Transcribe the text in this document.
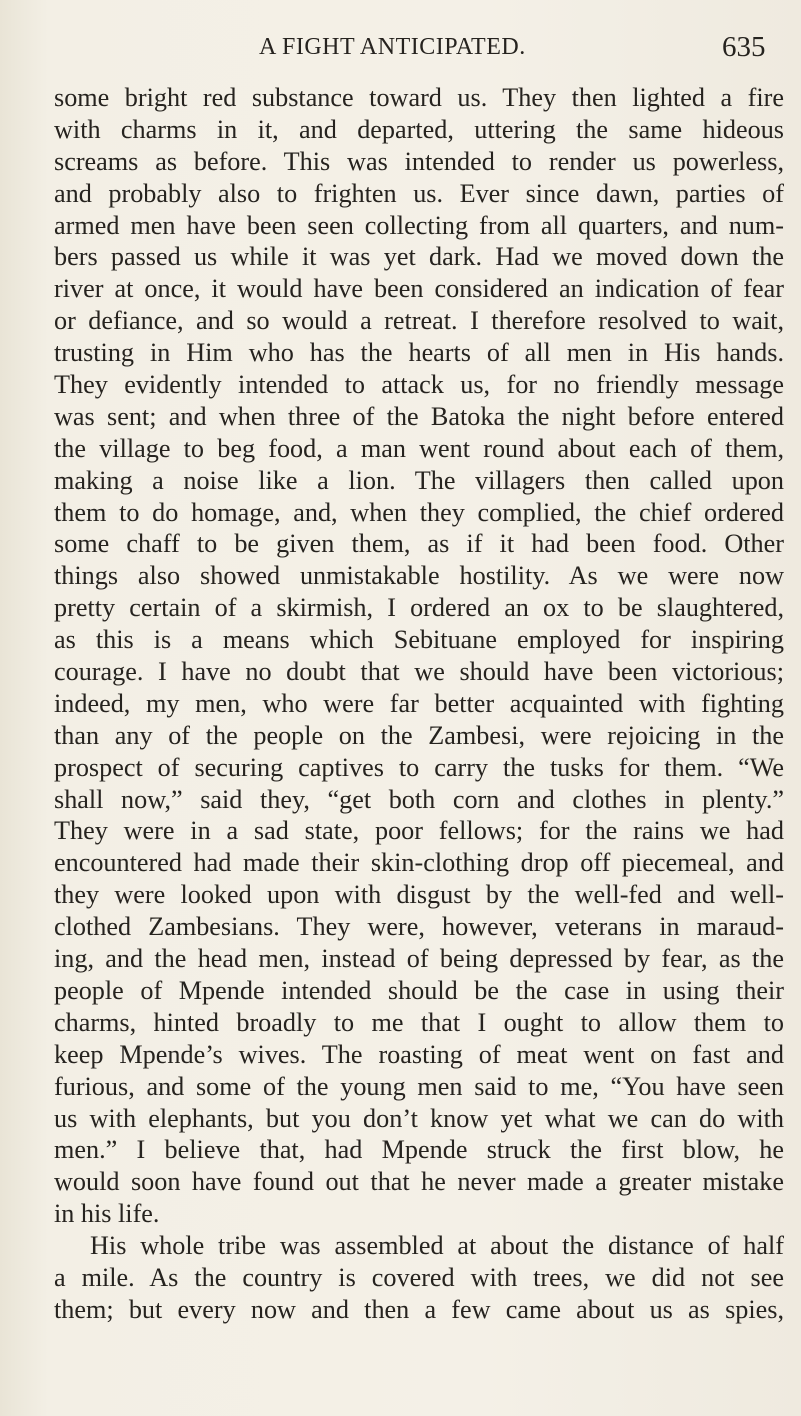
A FIGHT ANTICIPATED.	635
some bright red substance toward us. They then lighted a fire
with charms in it, and departed, uttering the same hideous
screams as before. This was intended to render us powerless,
and probably also to frighten us. Ever since dawn, parties of
armed men have been seen collecting from all quarters, and num-
bers passed us while it was yet dark. Had we moved down the
river at once, it would have been considered an indication of fear
or defiance, and so would a retreat. I therefore resolved to wait,
trusting in Him who has the hearts of all men in His hands.
They evidently intended to attack us, for no friendly message
was sent; and when three of the Batoka the night before entered
the village to beg food, a man went round about each of them,
making a noise like a lion. The villagers then called upon
them to do homage, and, when they complied, the chief ordered
some chaff to be given them, as if it had been food. Other
things also showed unmistakable hostility. As we were now
pretty certain of a skirmish, I ordered an ox to be slaughtered,
as this is a means which Sebituane employed for inspiring
courage. I have no doubt that we should have been victorious;
indeed, my men, who were far better acquainted with fighting
than any of the people on the Zambesi, were rejoicing in the
prospect of securing captives to carry the tusks for them. “We
shall now,” said they, “get both corn and clothes in plenty.”
They were in a sad state, poor fellows; for the rains we had
encountered had made their skin-clothing drop off piecemeal, and
they were looked upon with disgust by the well-fed and well-
clothed Zambesians. They were, however, veterans in maraud-
ing, and the head men, instead of being depressed by fear, as the
people of Mpende intended should be the case in using their
charms, hinted broadly to me that I ought to allow them to
keep Mpende’s wives. The roasting of meat went on fast and
furious, and some of the young men said to me, “You have seen
us with elephants, but you don’t know yet what we can do with
men.” I believe that, had Mpende struck the first blow, he
would soon have found out that he never made a greater mistake
in his life.
His whole tribe was assembled at about the distance of half
a mile. As the country is covered with trees, we did not see
them; but every now and then a few came about us as spies,
